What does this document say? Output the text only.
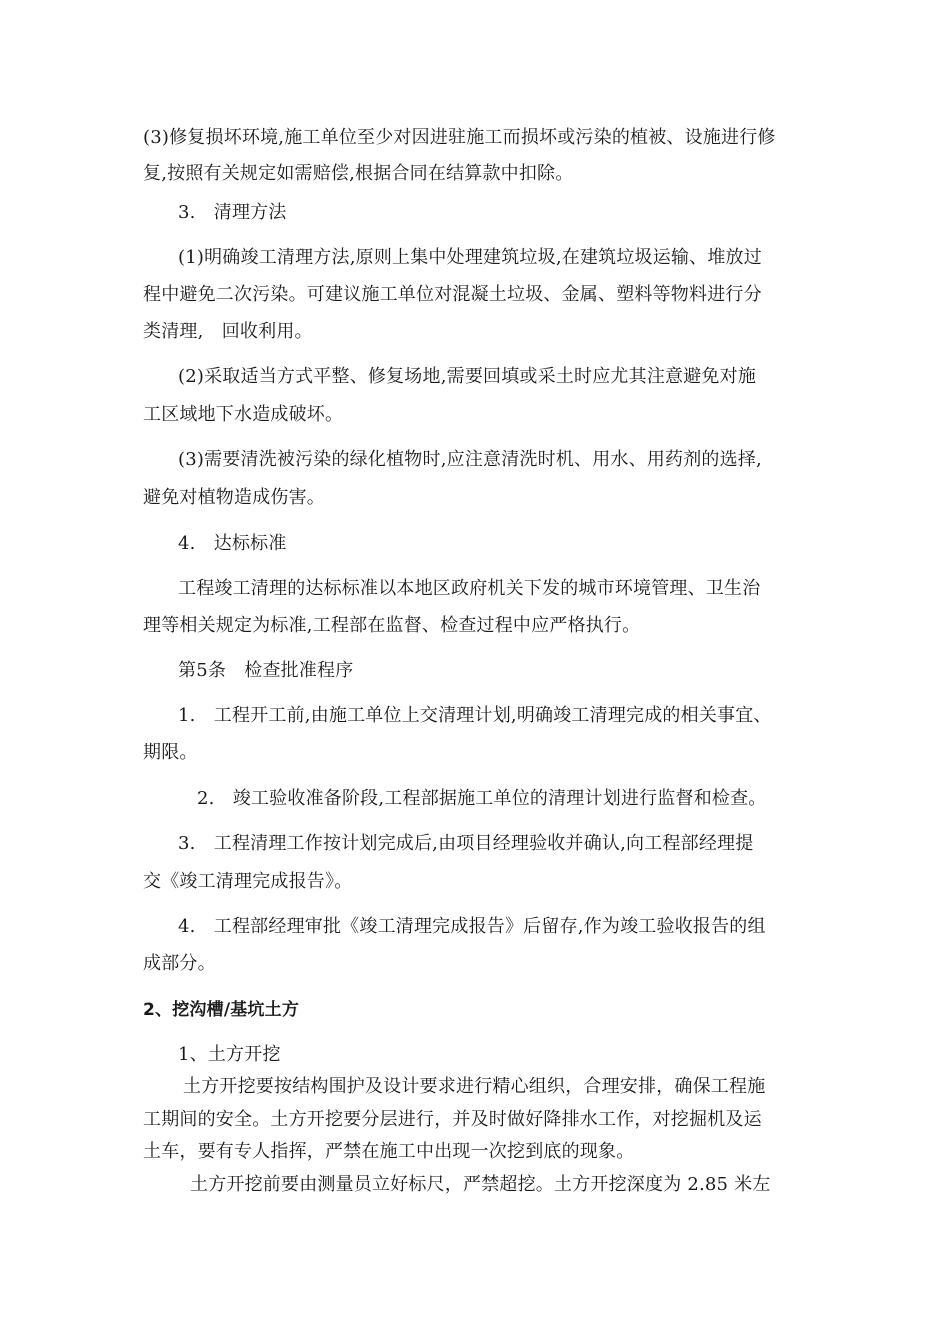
(3)修复损坏环境,施工单位至少对因进驻施工而损坏或污染的植被、设施进行修
复,按照有关规定如需赔偿,根据合同在结算款中扣除。
3.　清理方法
(1)明确竣工清理方法,原则上集中处理建筑垃圾,在建筑垃圾运输、堆放过
程中避免二次污染。可建议施工单位对混凝土垃圾、金属、塑料等物料进行分
类清理,　回收利用。
(2)采取适当方式平整、修复场地,需要回填或采土时应尤其注意避免对施
工区域地下水造成破坏。
(3)需要清洗被污染的绿化植物时,应注意清洗时机、用水、用药剂的选择,
避免对植物造成伤害。
4.　达标标准
工程竣工清理的达标标准以本地区政府机关下发的城市环境管理、卫生治
理等相关规定为标准,工程部在监督、检查过程中应严格执行。
第5条　检查批准程序
1.　工程开工前,由施工单位上交清理计划,明确竣工清理完成的相关事宜、
期限。
2.　竣工验收准备阶段,工程部据施工单位的清理计划进行监督和检查。
3.　工程清理工作按计划完成后,由项目经理验收并确认,向工程部经理提
交《竣工清理完成报告》。
4.　工程部经理审批《竣工清理完成报告》后留存,作为竣工验收报告的组
成部分。
2、挖沟槽/基坑土方
1、土方开挖
土方开挖要按结构围护及设计要求进行精心组织，合理安排，确保工程施
工期间的安全。土方开挖要分层进行，并及时做好降排水工作，对挖掘机及运
土车，要有专人指挥，严禁在施工中出现一次挖到底的现象。
土方开挖前要由测量员立好标尺，严禁超挖。土方开挖深度为 2.85 米左
